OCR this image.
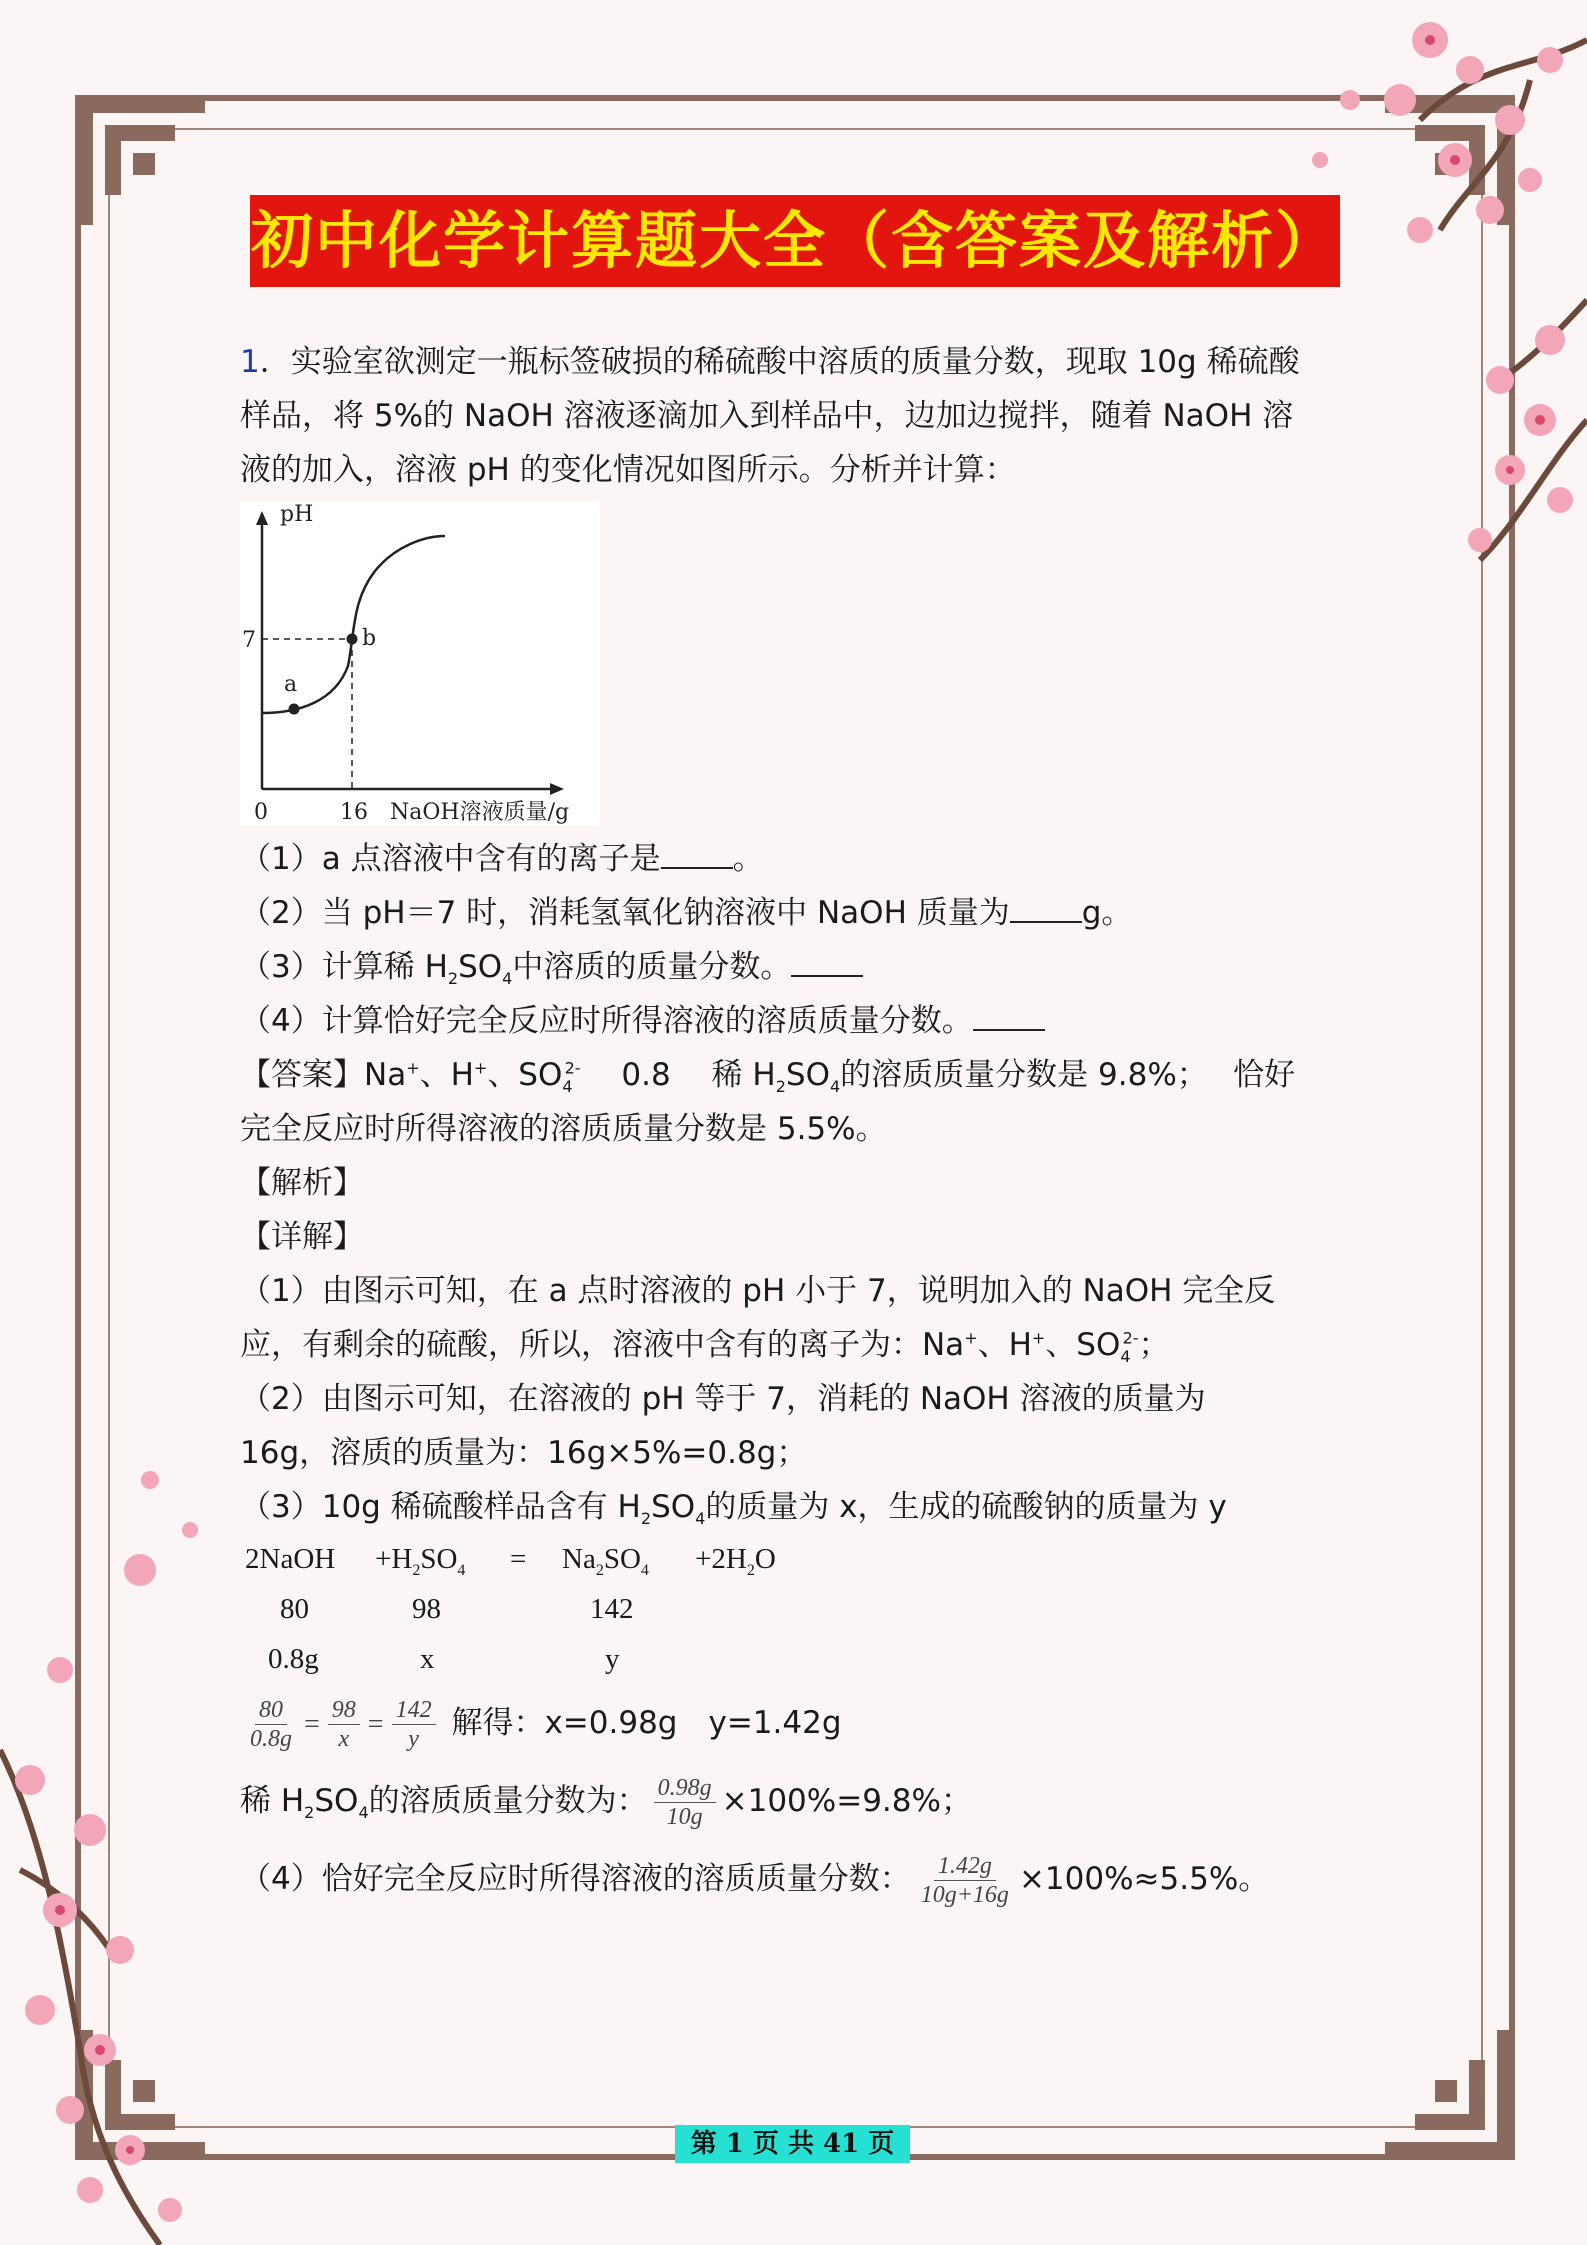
初中化学计算题大全（含答案及解析）

1．实验室欲测定一瓶标签破损的稀硫酸中溶质的质量分数，现取 10g 稀硫酸

样品，将 5%的 NaOH 溶液逐滴加入到样品中，边加边搅拌，随着 NaOH 溶

液的加入，溶液 pH 的变化情况如图所示。分析并计算：

pH
7
a
b
0	16 NaOH溶液质量/g

（1）a 点溶液中含有的离子是 。

（2）当 pH＝7 时，消耗氢氧化钠溶液中 NaOH 质量为 g。

（3）计算稀 $H_2SO_4$中溶质的质量分数。

（4）计算恰好完全反应时所得溶液的溶质质量分数。

【答案】Na+、H+、$SO_4^{2-}$　 0.8　 稀 $H_2SO_4$的溶质质量分数是 9.8%；　 恰好

完全反应时所得溶液的溶质质量分数是 5.5%。

【解析】

【详解】

（1）由图示可知，在 a 点时溶液的 pH 小于 7，说明加入的 NaOH 完全反

应，有剩余的硫酸，所以，溶液中含有的离子为：Na+、H+、$SO_4^{2-}$；

（2）由图示可知，在溶液的 pH 等于 7，消耗的 NaOH 溶液的质量为

16g，溶质的质量为：16g×5%=0.8g；

（3）10g 稀硫酸样品含有 $H_2SO_4$的质量为 x，生成的硫酸钠的质量为 y

2NaOH $+H_2SO_4 = Na_2SO_4 +2H_2O$
80	98	142
0.8g	x	y

$\frac{80}{0.8g} = \frac{98}{x} = \frac{142}{y}$ 解得：x=0.98g　y=1.42g

稀 $H_2SO_4$的溶质质量分数为： $\frac{0.98g}{10g} \times 100\%=9.8\%$；

（4）恰好完全反应时所得溶液的溶质质量分数： $\frac{1.42g}{10g+16g} \times 100\%\approx 5.5\%$。

第 1 页 共 41 页
